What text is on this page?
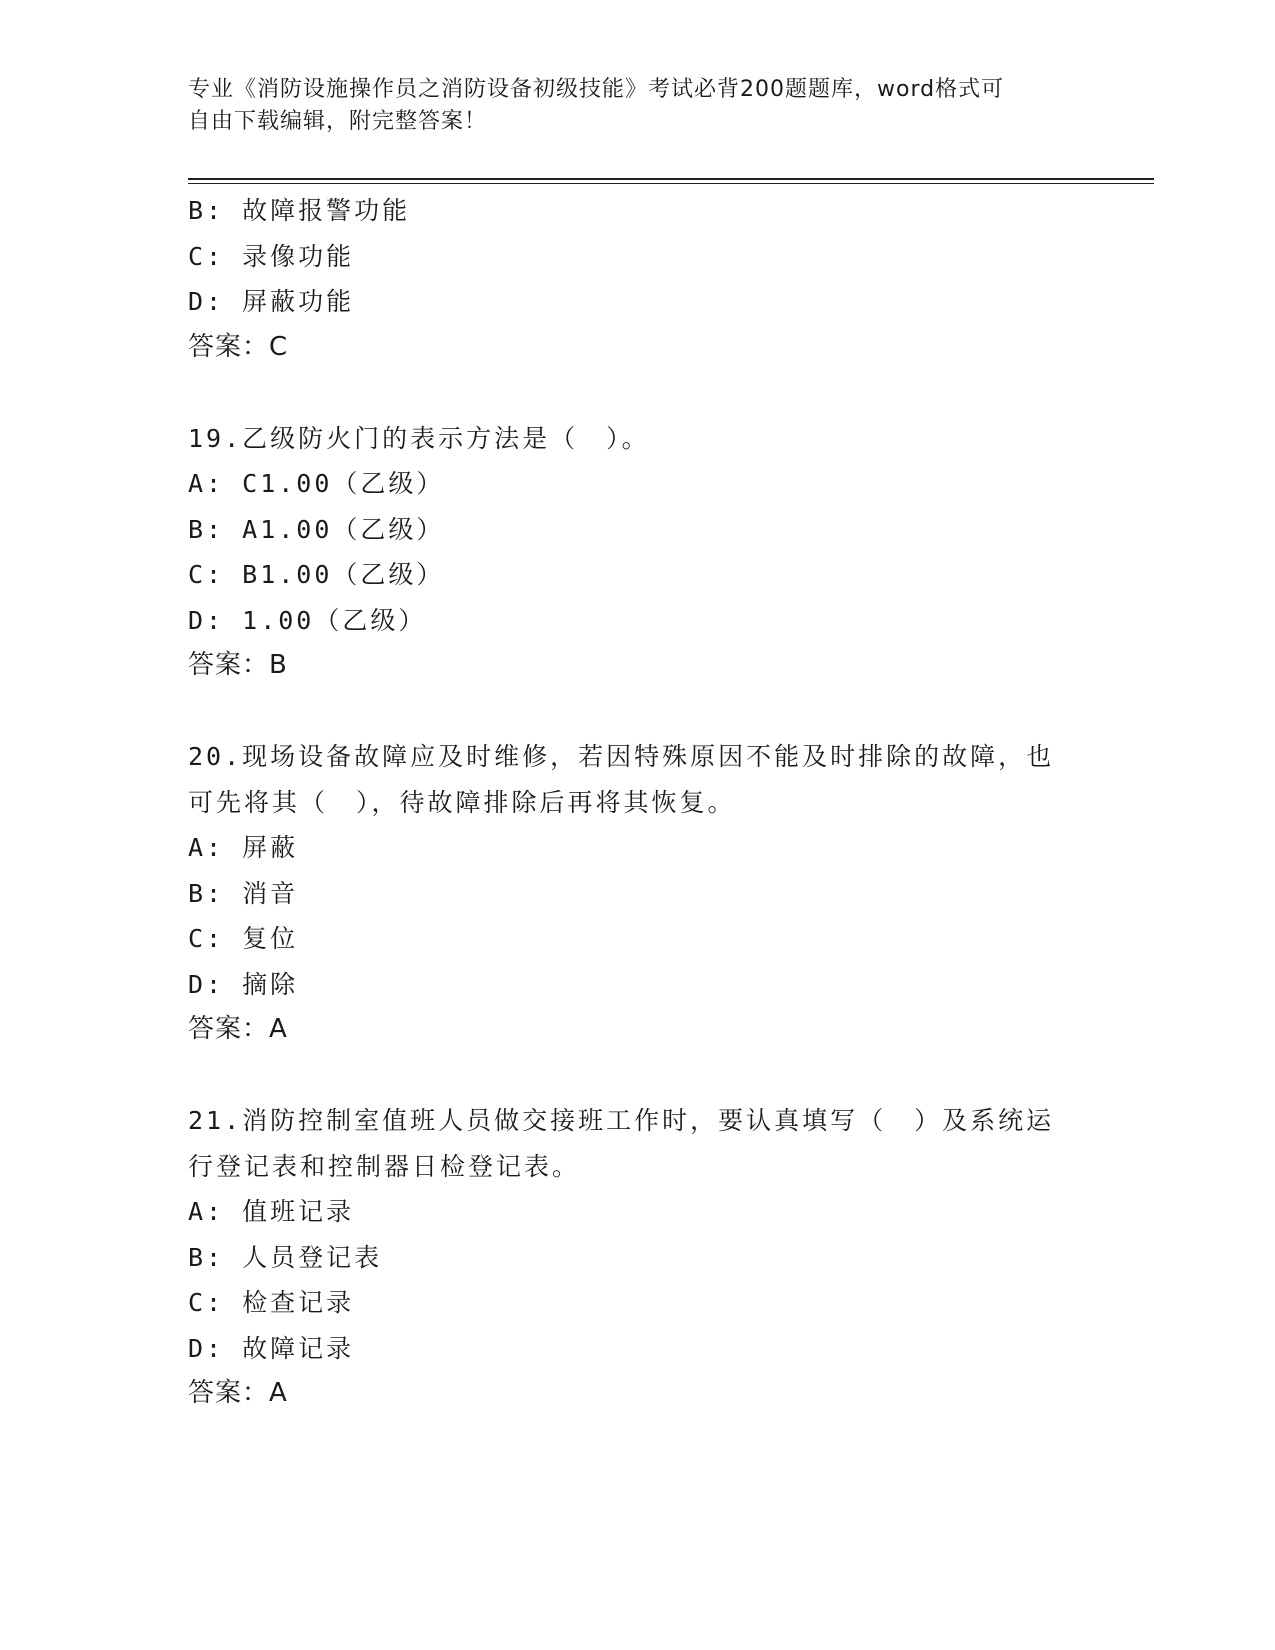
专业《消防设施操作员之消防设备初级技能》考试必背200题题库，word格式可
自由下载编辑，附完整答案！
B: 故障报警功能
C: 录像功能
D: 屏蔽功能
答案：C
19.乙级防火门的表示方法是（　）。
A: C1.00（乙级）
B: A1.00（乙级）
C: B1.00（乙级）
D: 1.00（乙级）
答案：B
20.现场设备故障应及时维修，若因特殊原因不能及时排除的故障，也
可先将其（　），待故障排除后再将其恢复。
A: 屏蔽
B: 消音
C: 复位
D: 摘除
答案：A
21.消防控制室值班人员做交接班工作时，要认真填写（　）及系统运
行登记表和控制器日检登记表。
A: 值班记录
B: 人员登记表
C: 检查记录
D: 故障记录
答案：A
